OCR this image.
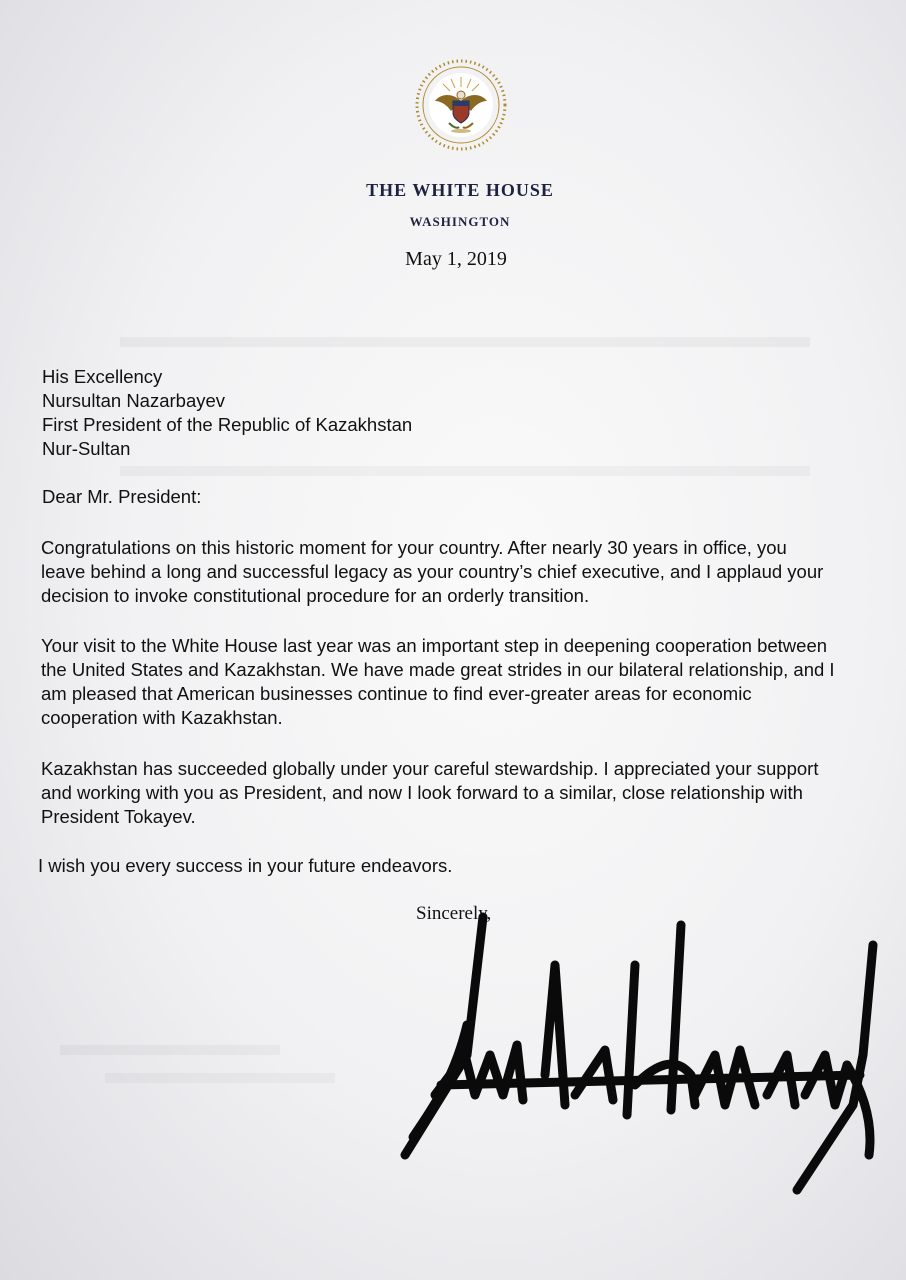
THE WHITE HOUSE
WASHINGTON
May 1, 2019
His Excellency
Nursultan Nazarbayev
First President of the Republic of Kazakhstan
Nur-Sultan
Dear Mr. President:
Congratulations on this historic moment for your country. After nearly 30 years in office, you
leave behind a long and successful legacy as your country’s chief executive, and I applaud your
decision to invoke constitutional procedure for an orderly transition.
Your visit to the White House last year was an important step in deepening cooperation between
the United States and Kazakhstan. We have made great strides in our bilateral relationship, and I
am pleased that American businesses continue to find ever-greater areas for economic
cooperation with Kazakhstan.
Kazakhstan has succeeded globally under your careful stewardship. I appreciated your support
and working with you as President, and now I look forward to a similar, close relationship with
President Tokayev.
I wish you every success in your future endeavors.
Sincerely,
